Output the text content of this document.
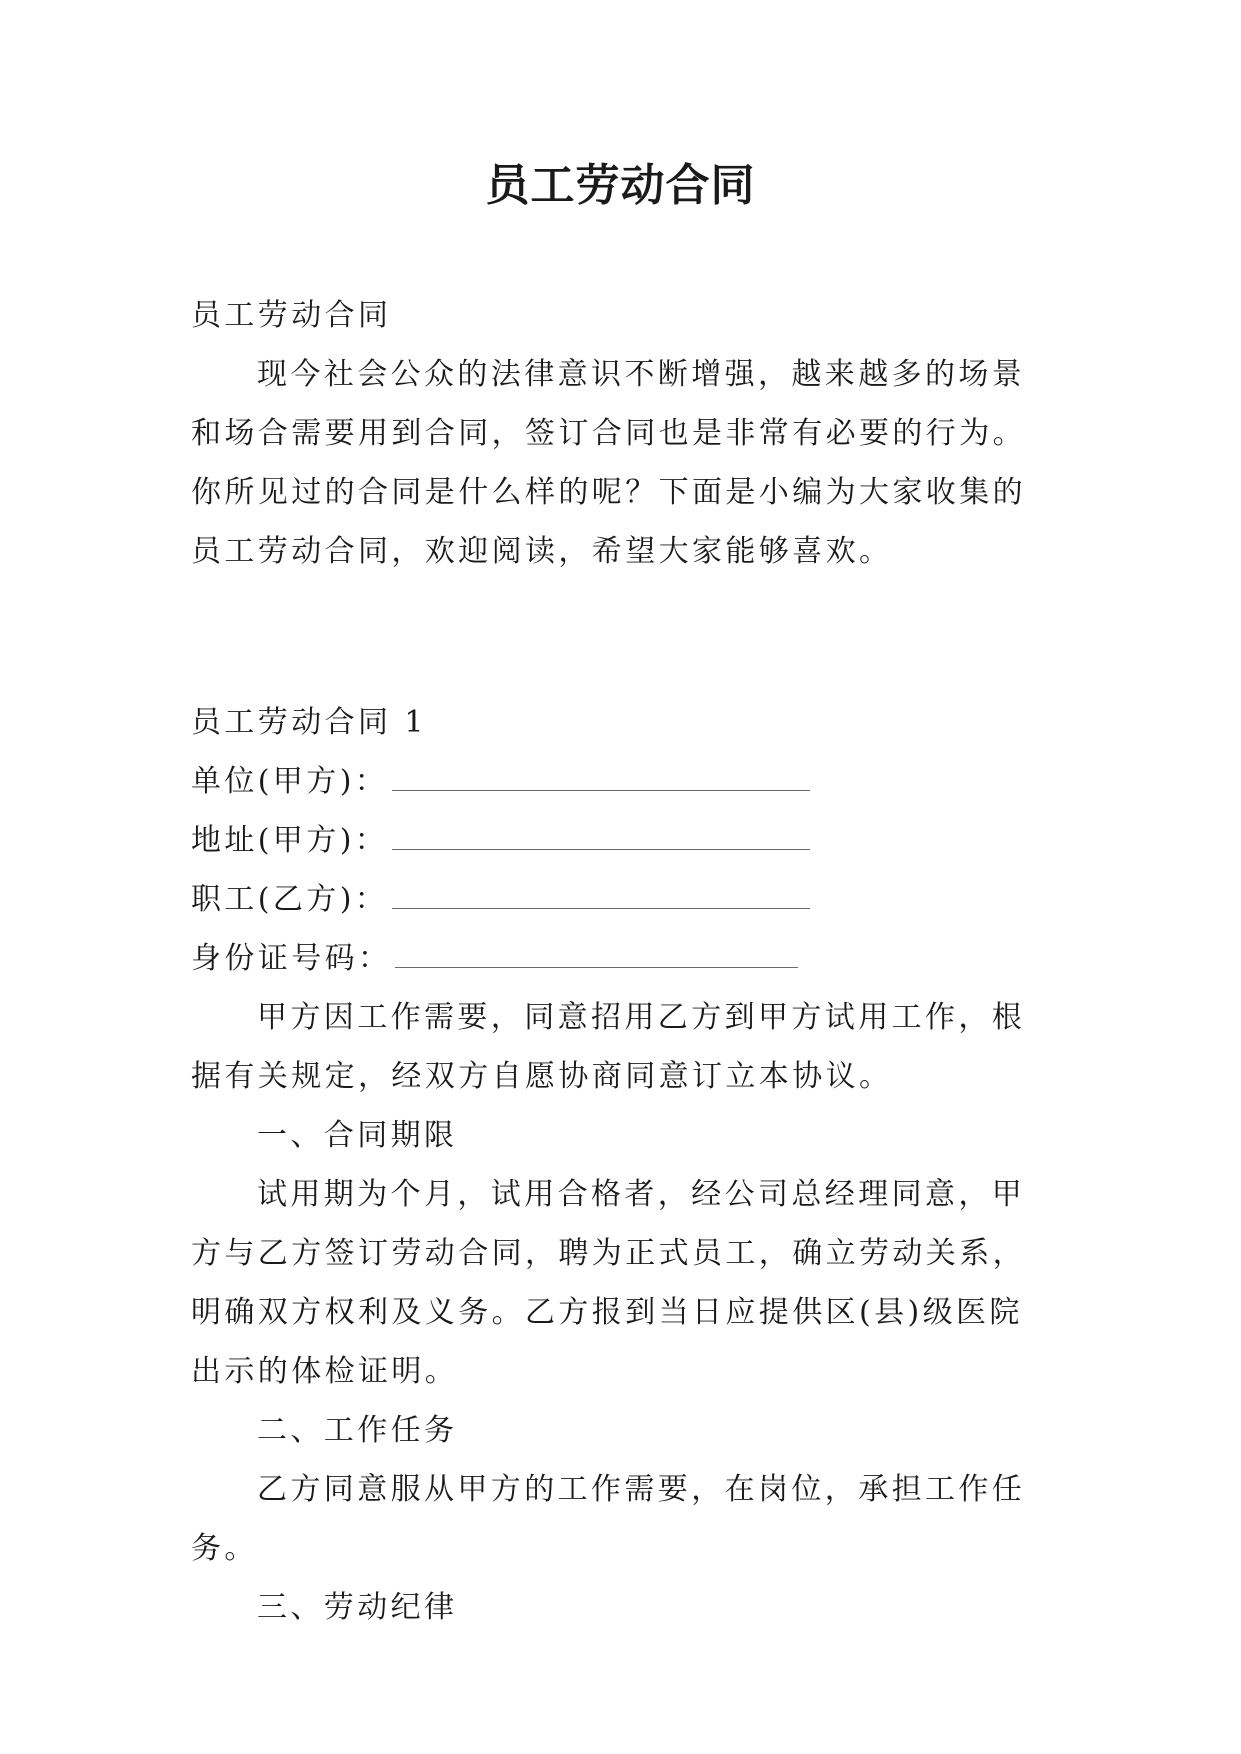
员工劳动合同

员工劳动合同

现今社会公众的法律意识不断增强，越来越多的场景和场合需要用到合同，签订合同也是非常有必要的行为。你所见过的合同是什么样的呢？下面是小编为大家收集的员工劳动合同，欢迎阅读，希望大家能够喜欢。

员工劳动合同 1

单位(甲方)：

地址(甲方)：

职工(乙方)：

身份证号码：

甲方因工作需要，同意招用乙方到甲方试用工作，根据有关规定，经双方自愿协商同意订立本协议。

一、合同期限

试用期为个月，试用合格者，经公司总经理同意，甲方与乙方签订劳动合同，聘为正式员工，确立劳动关系，明确双方权利及义务。乙方报到当日应提供区(县)级医院出示的体检证明。

二、工作任务

乙方同意服从甲方的工作需要，在岗位，承担工作任务。

三、劳动纪律
